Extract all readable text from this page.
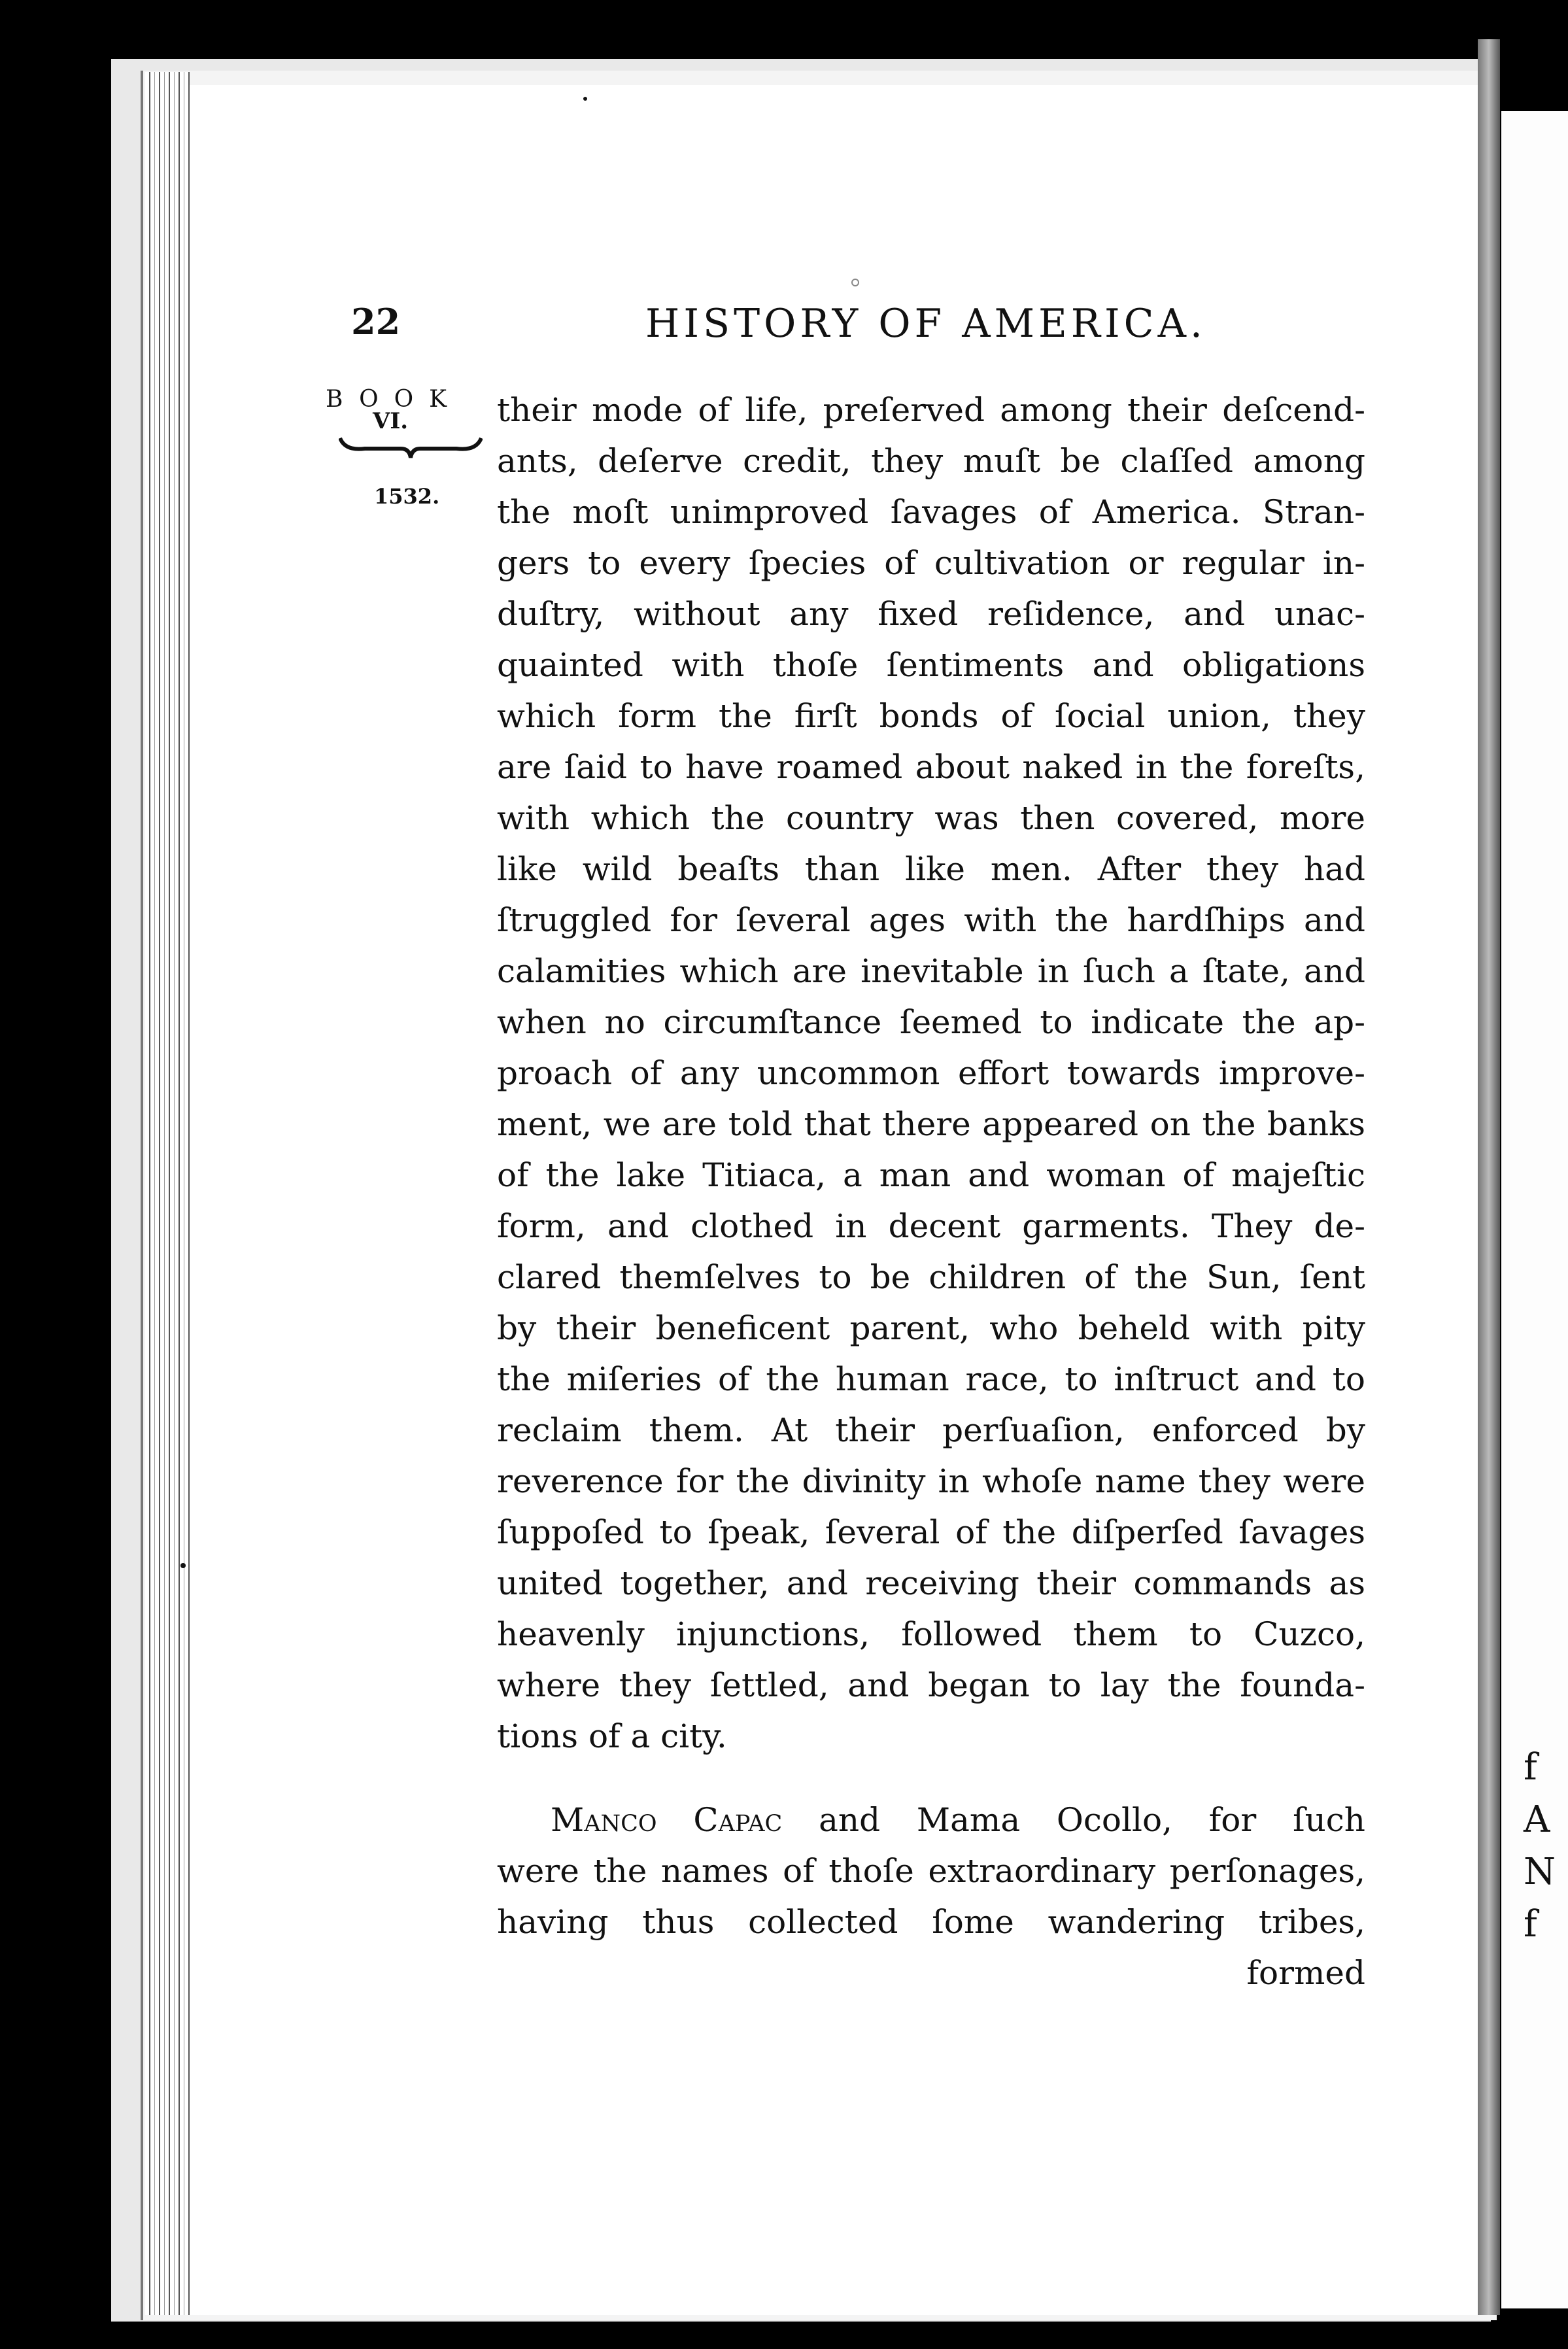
f
A
N
f
22	HISTORY OF AMERICA.
BOOK
VI.
1532.
their mode of life, preſerved among their deſcend-
ants, deſerve credit, they muſt be claſſed among
the moſt unimproved ſavages of America. Stran-
gers to every ſpecies of cultivation or regular in-
duſtry, without any fixed reſidence, and unac-
quainted with thoſe ſentiments and obligations
which form the firſt bonds of ſocial union, they
are ſaid to have roamed about naked in the foreſts,
with which the country was then covered, more
like wild beaſts than like men. After they had
ſtruggled for ſeveral ages with the hardſhips and
calamities which are inevitable in ſuch a ſtate, and
when no circumſtance ſeemed to indicate the ap-
proach of any uncommon effort towards improve-
ment, we are told that there appeared on the banks
of the lake Titiaca, a man and woman of majeſtic
form, and clothed in decent garments. They de-
clared themſelves to be children of the Sun, ſent
by their beneficent parent, who beheld with pity
the miſeries of the human race, to inſtruct and to
reclaim them. At their perſuaſion, enforced by
reverence for the divinity in whoſe name they were
ſuppoſed to ſpeak, ſeveral of the diſperſed ſavages
united together, and receiving their commands as
heavenly injunctions, followed them to Cuzco,
where they ſettled, and began to lay the founda-
tions of a city.
Manco Capac and Mama Ocollo, for ſuch
were the names of thoſe extraordinary perſonages,
having thus collected ſome wandering tribes,
formed
